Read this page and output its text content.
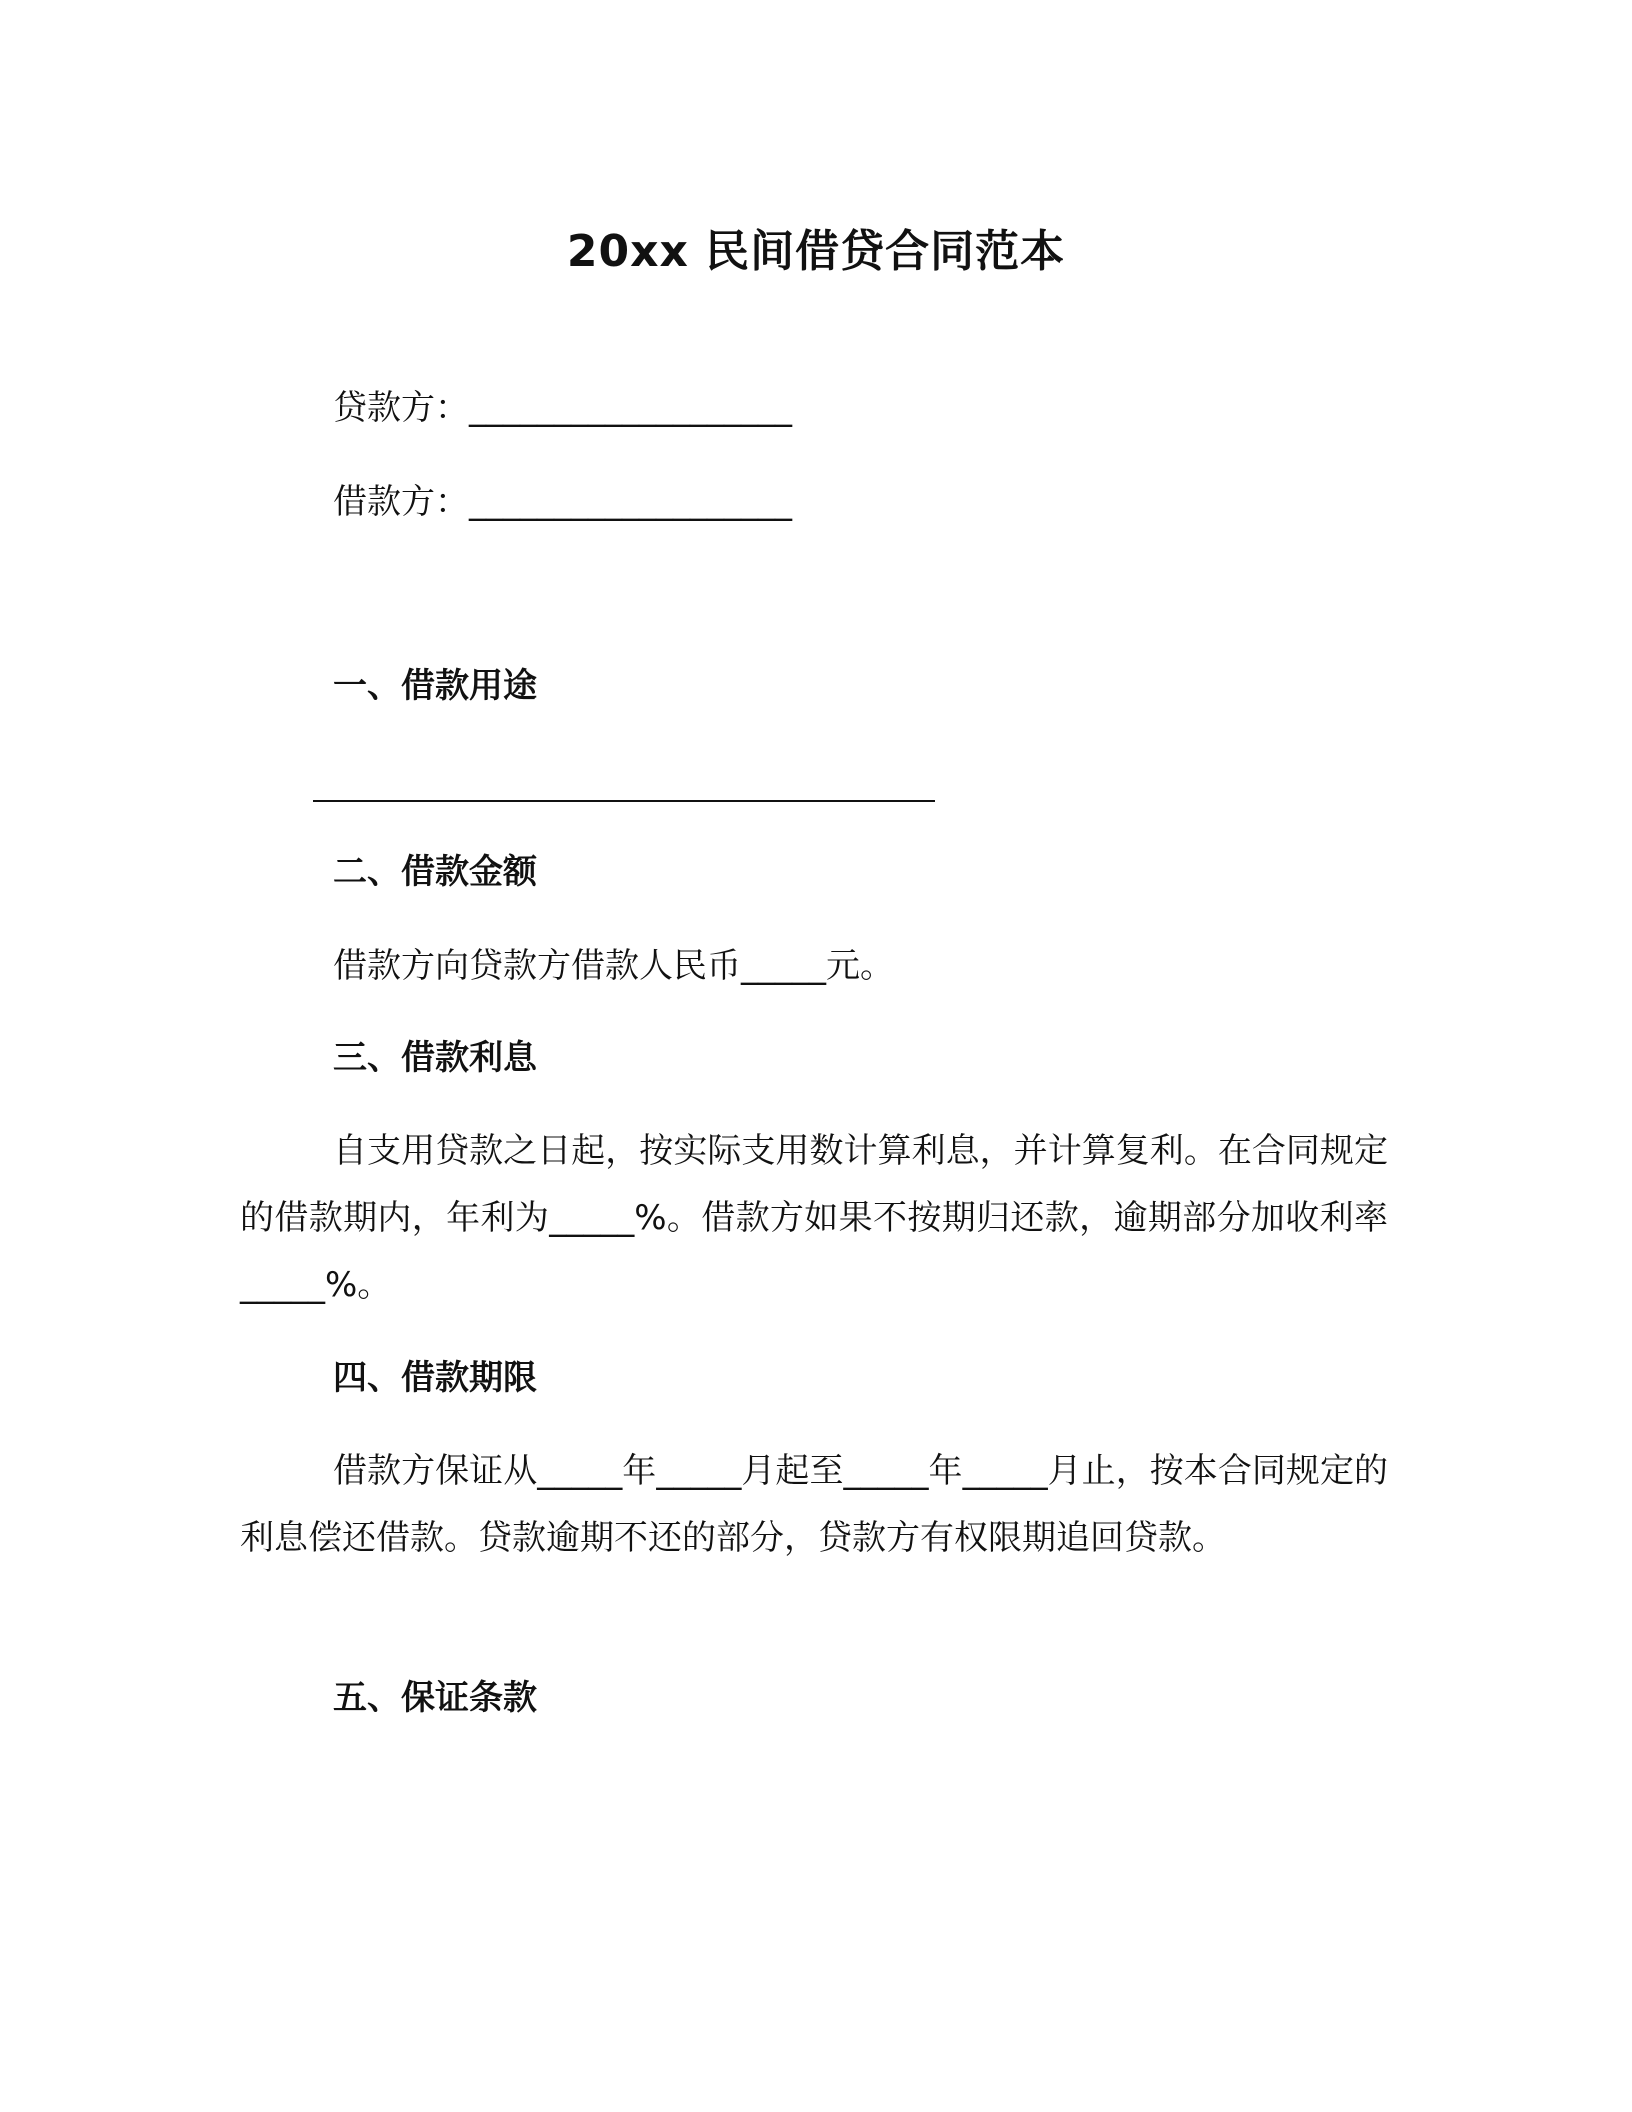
20xx 民间借贷合同范本
贷款方：___________________
借款方：___________________
一、借款用途
二、借款金额
借款方向贷款方借款人民币_____元。
三、借款利息
自支用贷款之日起，按实际支用数计算利息，并计算复利。在合同规定的借款期内，年利为_____%。借款方如果不按期归还款，逾期部分加收利率_____%。
四、借款期限
借款方保证从_____年_____月起至_____年_____月止，按本合同规定的利息偿还借款。贷款逾期不还的部分，贷款方有权限期追回贷款。
五、保证条款
